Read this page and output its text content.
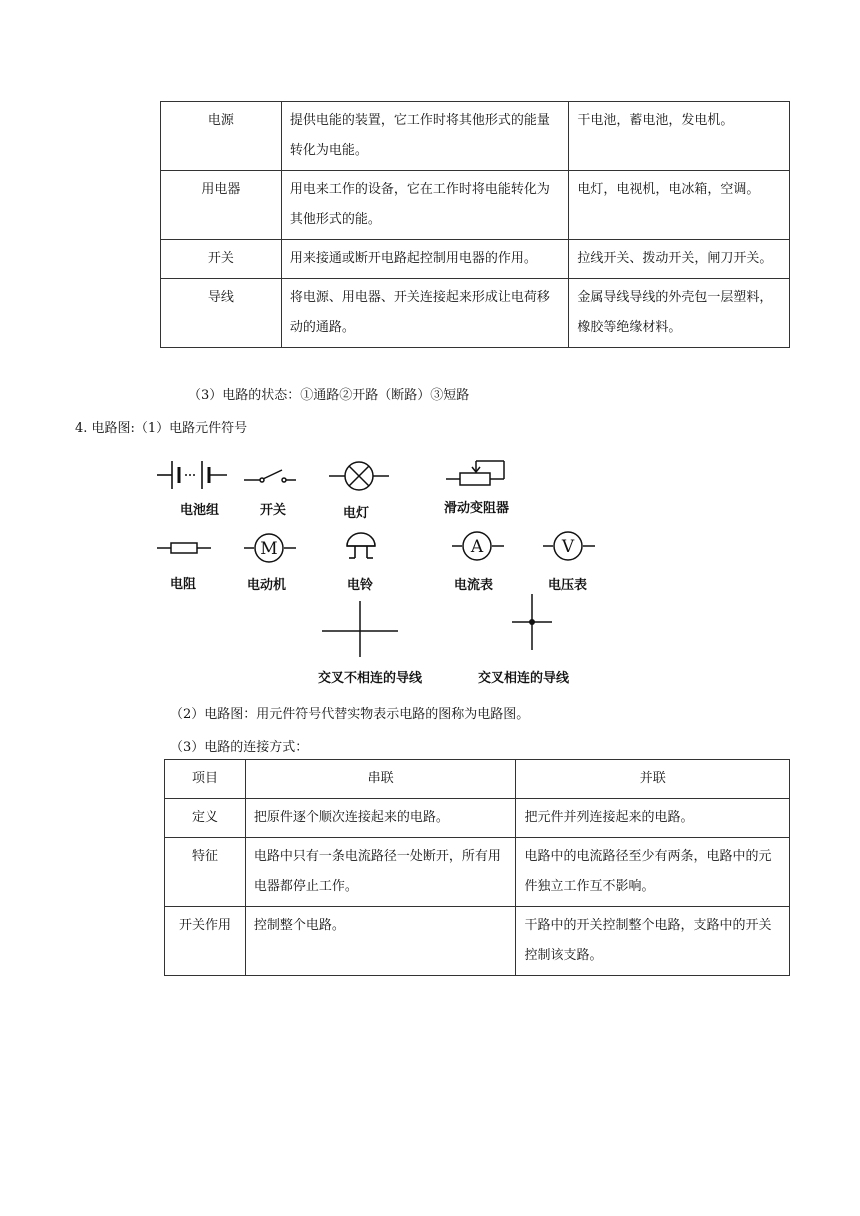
电源	提供电能的装置，它工作时将其他形式的能量转化为电能。	干电池，蓄电池，发电机。
用电器	用电来工作的设备，它在工作时将电能转化为其他形式的能。	电灯，电视机，电冰箱，空调。
开关	用来接通或断开电路起控制用电器的作用。	拉线开关、拨动开关，闸刀开关。
导线	将电源、用电器、开关连接起来形成让电荷移动的通路。	金属导线导线的外壳包一层塑料，橡胶等绝缘材料。
（3）电路的状态：①通路②开路（断路）③短路
4. 电路图:（1）电路元件符号
电池组	开关	电灯	滑动变阻器
电阻
M
电动机	电铃
A
电流表
V
电压表
交叉不相连的导线	交叉相连的导线
（2）电路图：用元件符号代替实物表示电路的图称为电路图。
（3）电路的连接方式：
项目	串联	并联
定义	把原件逐个顺次连接起来的电路。	把元件并列连接起来的电路。
特征	电路中只有一条电流路径一处断开，所有用电器都停止工作。	电路中的电流路径至少有两条，电路中的元件独立工作互不影响。
开关作用	控制整个电路。	干路中的开关控制整个电路，支路中的开关控制该支路。
